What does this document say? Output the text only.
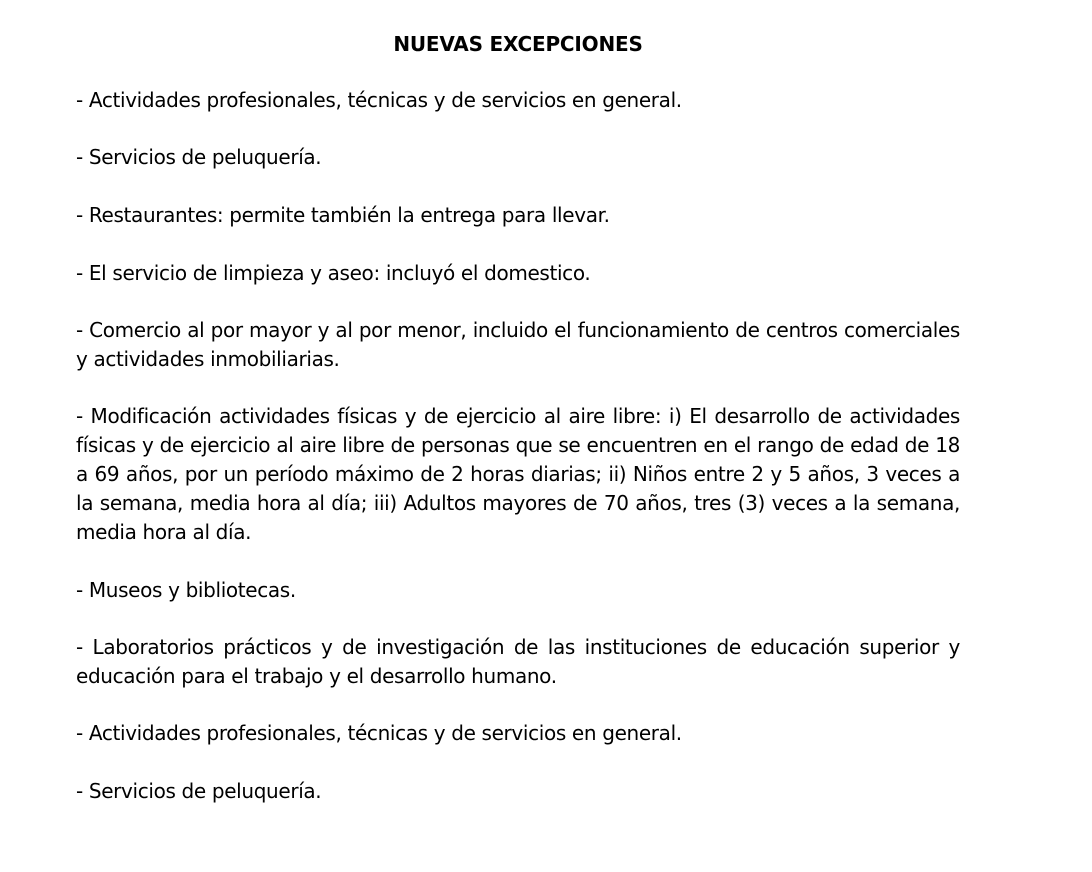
NUEVAS EXCEPCIONES
- Actividades profesionales, técnicas y de servicios en general.
- Servicios de peluquería.
- Restaurantes: permite también la entrega para llevar.
- El servicio de limpieza y aseo: incluyó el domestico.
- Comercio al por mayor y al por menor, incluido el funcionamiento de centros comerciales y actividades inmobiliarias.
- Modificación actividades físicas y de ejercicio al aire libre: i) El desarrollo de actividades físicas y de ejercicio al aire libre de personas que se encuentren en el rango de edad de 18 a 69 años, por un período máximo de 2 horas diarias; ii) Niños entre 2 y 5 años, 3 veces a la semana, media hora al día; iii) Adultos mayores de 70 años, tres (3) veces a la semana, media hora al día.
- Museos y bibliotecas.
- Laboratorios prácticos y de investigación de las instituciones de educación superior y educación para el trabajo y el desarrollo humano.
- Actividades profesionales, técnicas y de servicios en general.
- Servicios de peluquería.
